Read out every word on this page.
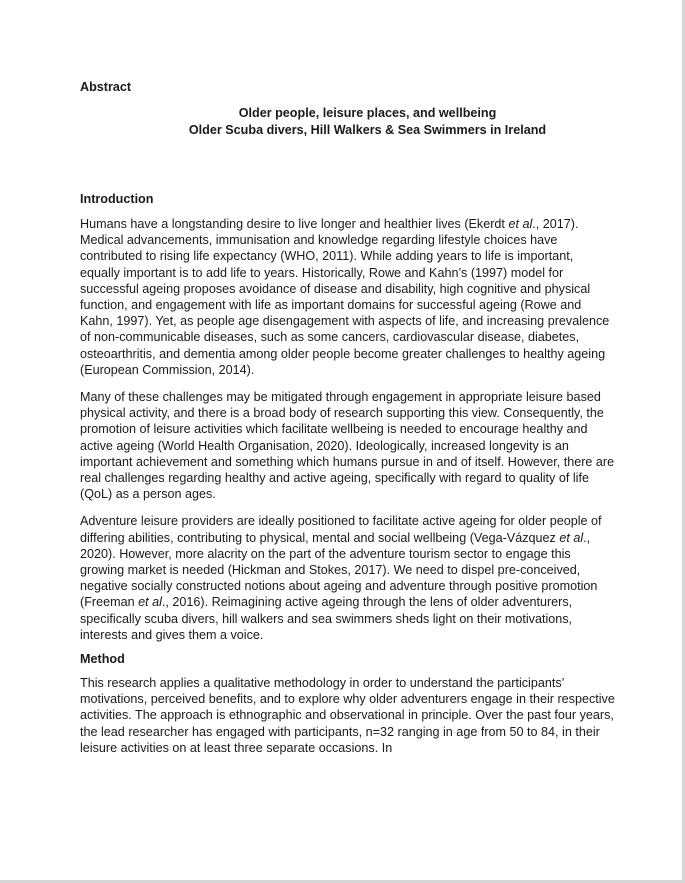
Abstract
Older people, leisure places, and wellbeing
Older Scuba divers, Hill Walkers & Sea Swimmers in Ireland
Introduction

Humans have a longstanding desire to live longer and healthier lives (Ekerdt et al., 2017). Medical advancements, immunisation and knowledge regarding lifestyle choices have contributed to rising life expectancy (WHO, 2011). While adding years to life is important, equally important is to add life to years. Historically, Rowe and Kahn’s (1997) model for successful ageing proposes avoidance of disease and disability, high cognitive and physical function, and engagement with life as important domains for successful ageing (Rowe and Kahn, 1997). Yet, as people age disengagement with aspects of life, and increasing prevalence of non-communicable diseases, such as some cancers, cardiovascular disease, diabetes, osteoarthritis, and dementia among older people become greater challenges to healthy ageing (European Commission, 2014).

Many of these challenges may be mitigated through engagement in appropriate leisure based physical activity, and there is a broad body of research supporting this view. Consequently, the promotion of leisure activities which facilitate wellbeing is needed to encourage healthy and active ageing (World Health Organisation, 2020). Ideologically, increased longevity is an important achievement and something which humans pursue in and of itself. However, there are real challenges regarding healthy and active ageing, specifically with regard to quality of life (QoL) as a person ages.

Adventure leisure providers are ideally positioned to facilitate active ageing for older people of differing abilities, contributing to physical, mental and social wellbeing (Vega-Vázquez et al., 2020). However, more alacrity on the part of the adventure tourism sector to engage this growing market is needed (Hickman and Stokes, 2017). We need to dispel pre-conceived, negative socially constructed notions about ageing and adventure through positive promotion (Freeman et al., 2016). Reimagining active ageing through the lens of older adventurers, specifically scuba divers, hill walkers and sea swimmers sheds light on their motivations, interests and gives them a voice.

Method

This research applies a qualitative methodology in order to understand the participants’ motivations, perceived benefits, and to explore why older adventurers engage in their respective activities. The approach is ethnographic and observational in principle. Over the past four years, the lead researcher has engaged with participants, n=32 ranging in age from 50 to 84, in their leisure activities on at least three separate occasions. In
